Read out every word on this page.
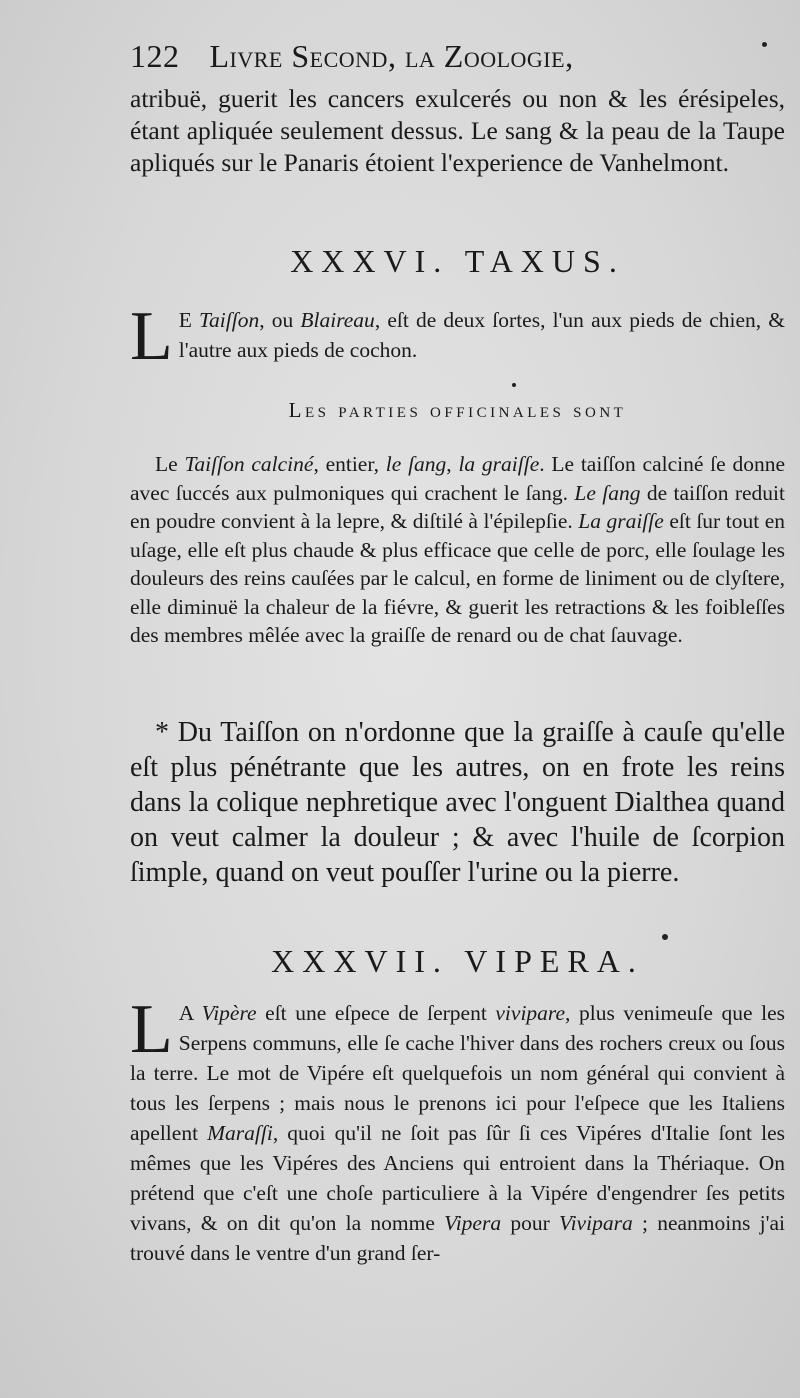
122 Livre Second, la Zoologie,
atribuë, guerit les cancers exulcerés ou non & les érésipeles, étant apliquée seulement dessus. Le sang & la peau de la Taupe apliqués sur le Panaris étoient l'experience de Vanhelmont.
XXXVI. TAXUS.
L E Taiſſon, ou Blaireau, eſt de deux ſortes, l'un aux pieds de chien, & l'autre aux pieds de cochon.
Les parties officinales sont
Le Taiſſon calciné, entier, le ſang, la graiſſe. Le taiſſon calciné ſe donne avec ſuccés aux pulmoniques qui crachent le ſang. Le ſang de taiſſon reduit en poudre convient à la lepre, & diſtilé à l'épilepſie. La graiſſe eſt ſur tout en uſage, elle eſt plus chaude & plus efficace que celle de porc, elle ſoulage les douleurs des reins cauſées par le calcul, en forme de liniment ou de clyſtere, elle diminuë la chaleur de la fiévre, & guerit les retractions & les foibleſſes des membres mêlée avec la graiſſe de renard ou de chat ſauvage.
* Du Taiſſon on n'ordonne que la graiſſe à cauſe qu'elle eſt plus pénétrante que les autres, on en frote les reins dans la colique nephretique avec l'onguent Dialthea quand on veut calmer la douleur ; & avec l'huile de ſcorpion ſimple, quand on veut pouſſer l'urine ou la pierre.
XXXVII. VIPERA.
L A Vipère eſt une eſpece de ſerpent vivipare, plus venimeuſe que les Serpens communs, elle ſe cache l'hiver dans des rochers creux ou ſous la terre. Le mot de Vipére eſt quelquefois un nom général qui convient à tous les ſerpens ; mais nous le prenons ici pour l'eſpece que les Italiens apellent Maraſſi, quoi qu'il ne ſoit pas ſûr ſi ces Vipéres d'Italie ſont les mêmes que les Vipéres des Anciens qui entroient dans la Thériaque. On prétend que c'eſt une choſe particuliere à la Vipére d'engendrer ſes petits vivans, & on dit qu'on la nomme Vipera pour Vivipara ; neanmoins j'ai trouvé dans le ventre d'un grand ſer-
